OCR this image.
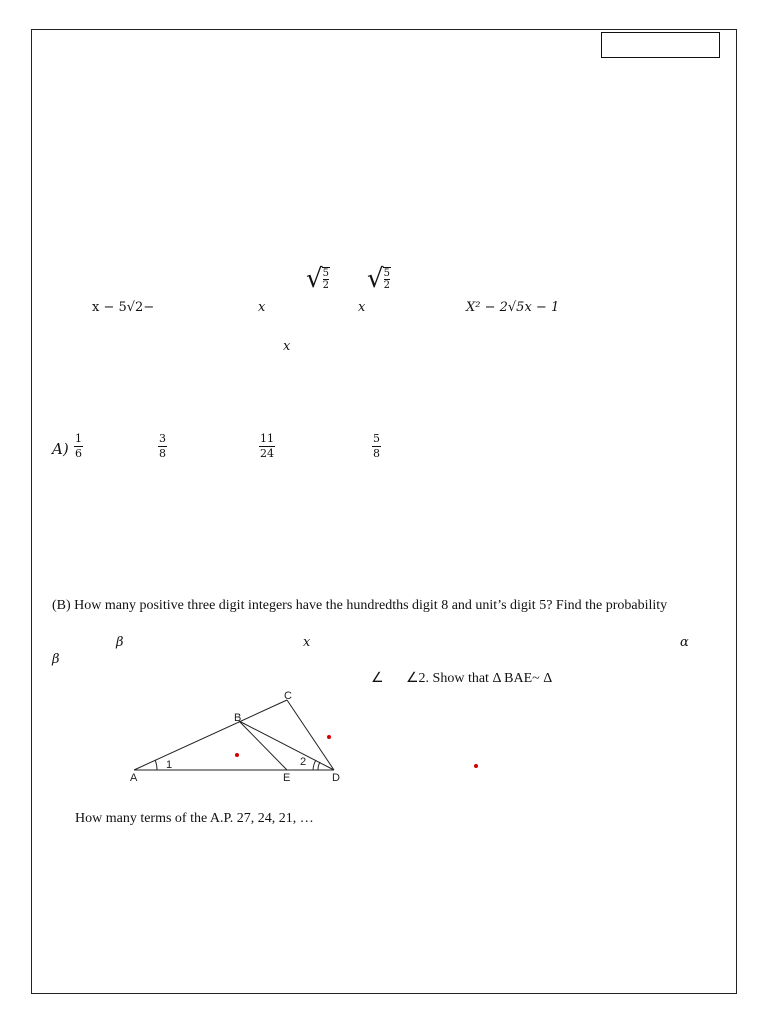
x − 5√2−	x
√ $\frac{5}{2}$
x
√ $\frac{5}{2}$
X² − 2√5x − 1
x
$A) \frac{1}{6}$	$\frac{3}{8}$	$\frac{11}{24}$	$\frac{5}{8}$
(B) How many positive three digit integers have the hundredths digit 8 and unit’s digit 5? Find the probability
β	x	α
β
∠ ∠2. Show that Δ BAE~ Δ
A
B
C
D
E
1	2
How many terms of the A.P. 27, 24, 21, …
